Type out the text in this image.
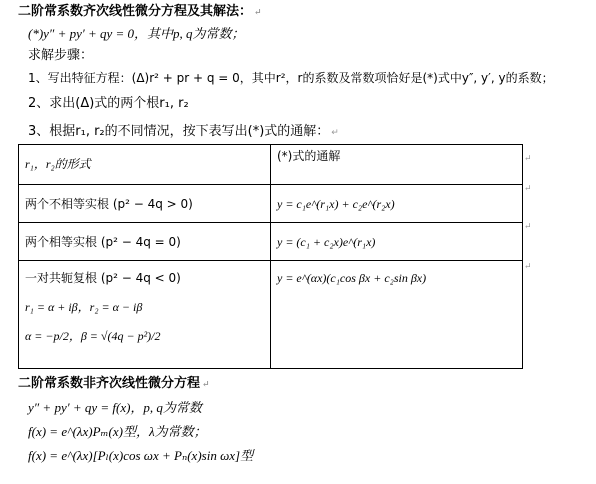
二阶常系数齐次线性微分方程及其解法： ↵
(*)y″ + py′ + qy = 0，其中p, q为常数；
求解步骤：
1、写出特征方程：(Δ)r² + pr + q = 0，其中r²，r的系数及常数项恰好是(*)式中y″, y′, y的系数；
2、求出(Δ)式的两个根r₁, r₂
3、根据r₁, r₂的不同情况，按下表写出(*)式的通解： ↵
r₁，r₂的形式	(*)式的通解

两个不相等实根 (p² − 4q > 0)	y = c₁e^(r₁x) + c₂e^(r₂x)

两个相等实根 (p² − 4q = 0)	y = (c₁ + c₂x)e^(r₁x)

一对共轭复根 (p² − 4q < 0)
r₁ = α + iβ，r₂ = α − iβ
α = −p/2，β = √(4q − p²)/2	y = e^(αx)(c₁cos βx + c₂sin βx)
↵
↵
↵
↵
二阶常系数非齐次线性微分方程 ↵
y″ + py′ + qy = f(x)，p, q为常数
f(x) = e^(λx)Pₘ(x)型，λ为常数；
f(x) = e^(λx)[Pₗ(x)cos ωx + Pₙ(x)sin ωx]型
